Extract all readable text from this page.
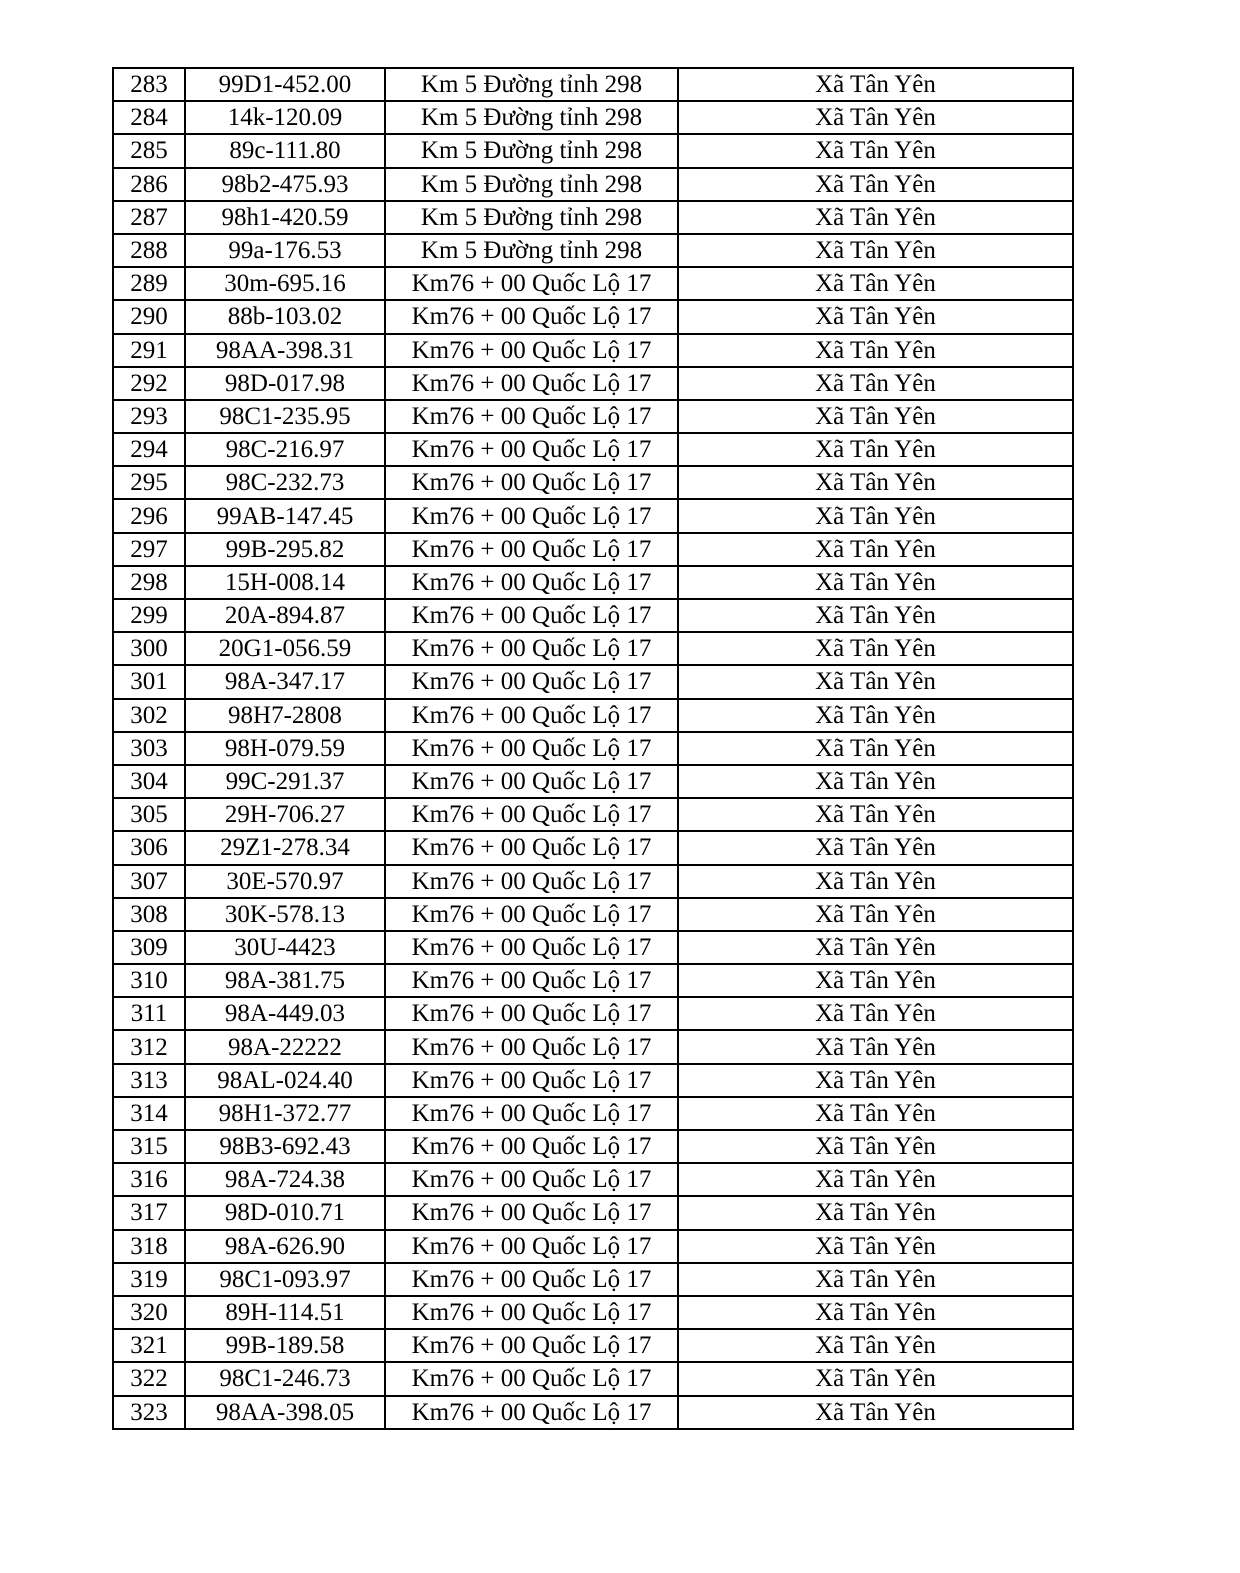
283	99D1-452.00	Km 5 Đường tỉnh 298	Xã Tân Yên
284	14k-120.09	Km 5 Đường tỉnh 298	Xã Tân Yên
285	89c-111.80	Km 5 Đường tỉnh 298	Xã Tân Yên
286	98b2-475.93	Km 5 Đường tỉnh 298	Xã Tân Yên
287	98h1-420.59	Km 5 Đường tỉnh 298	Xã Tân Yên
288	99a-176.53	Km 5 Đường tỉnh 298	Xã Tân Yên
289	30m-695.16	Km76 + 00 Quốc Lộ 17	Xã Tân Yên
290	88b-103.02	Km76 + 00 Quốc Lộ 17	Xã Tân Yên
291	98AA-398.31	Km76 + 00 Quốc Lộ 17	Xã Tân Yên
292	98D-017.98	Km76 + 00 Quốc Lộ 17	Xã Tân Yên
293	98C1-235.95	Km76 + 00 Quốc Lộ 17	Xã Tân Yên
294	98C-216.97	Km76 + 00 Quốc Lộ 17	Xã Tân Yên
295	98C-232.73	Km76 + 00 Quốc Lộ 17	Xã Tân Yên
296	99AB-147.45	Km76 + 00 Quốc Lộ 17	Xã Tân Yên
297	99B-295.82	Km76 + 00 Quốc Lộ 17	Xã Tân Yên
298	15H-008.14	Km76 + 00 Quốc Lộ 17	Xã Tân Yên
299	20A-894.87	Km76 + 00 Quốc Lộ 17	Xã Tân Yên
300	20G1-056.59	Km76 + 00 Quốc Lộ 17	Xã Tân Yên
301	98A-347.17	Km76 + 00 Quốc Lộ 17	Xã Tân Yên
302	98H7-2808	Km76 + 00 Quốc Lộ 17	Xã Tân Yên
303	98H-079.59	Km76 + 00 Quốc Lộ 17	Xã Tân Yên
304	99C-291.37	Km76 + 00 Quốc Lộ 17	Xã Tân Yên
305	29H-706.27	Km76 + 00 Quốc Lộ 17	Xã Tân Yên
306	29Z1-278.34	Km76 + 00 Quốc Lộ 17	Xã Tân Yên
307	30E-570.97	Km76 + 00 Quốc Lộ 17	Xã Tân Yên
308	30K-578.13	Km76 + 00 Quốc Lộ 17	Xã Tân Yên
309	30U-4423	Km76 + 00 Quốc Lộ 17	Xã Tân Yên
310	98A-381.75	Km76 + 00 Quốc Lộ 17	Xã Tân Yên
311	98A-449.03	Km76 + 00 Quốc Lộ 17	Xã Tân Yên
312	98A-22222	Km76 + 00 Quốc Lộ 17	Xã Tân Yên
313	98AL-024.40	Km76 + 00 Quốc Lộ 17	Xã Tân Yên
314	98H1-372.77	Km76 + 00 Quốc Lộ 17	Xã Tân Yên
315	98B3-692.43	Km76 + 00 Quốc Lộ 17	Xã Tân Yên
316	98A-724.38	Km76 + 00 Quốc Lộ 17	Xã Tân Yên
317	98D-010.71	Km76 + 00 Quốc Lộ 17	Xã Tân Yên
318	98A-626.90	Km76 + 00 Quốc Lộ 17	Xã Tân Yên
319	98C1-093.97	Km76 + 00 Quốc Lộ 17	Xã Tân Yên
320	89H-114.51	Km76 + 00 Quốc Lộ 17	Xã Tân Yên
321	99B-189.58	Km76 + 00 Quốc Lộ 17	Xã Tân Yên
322	98C1-246.73	Km76 + 00 Quốc Lộ 17	Xã Tân Yên
323	98AA-398.05	Km76 + 00 Quốc Lộ 17	Xã Tân Yên
